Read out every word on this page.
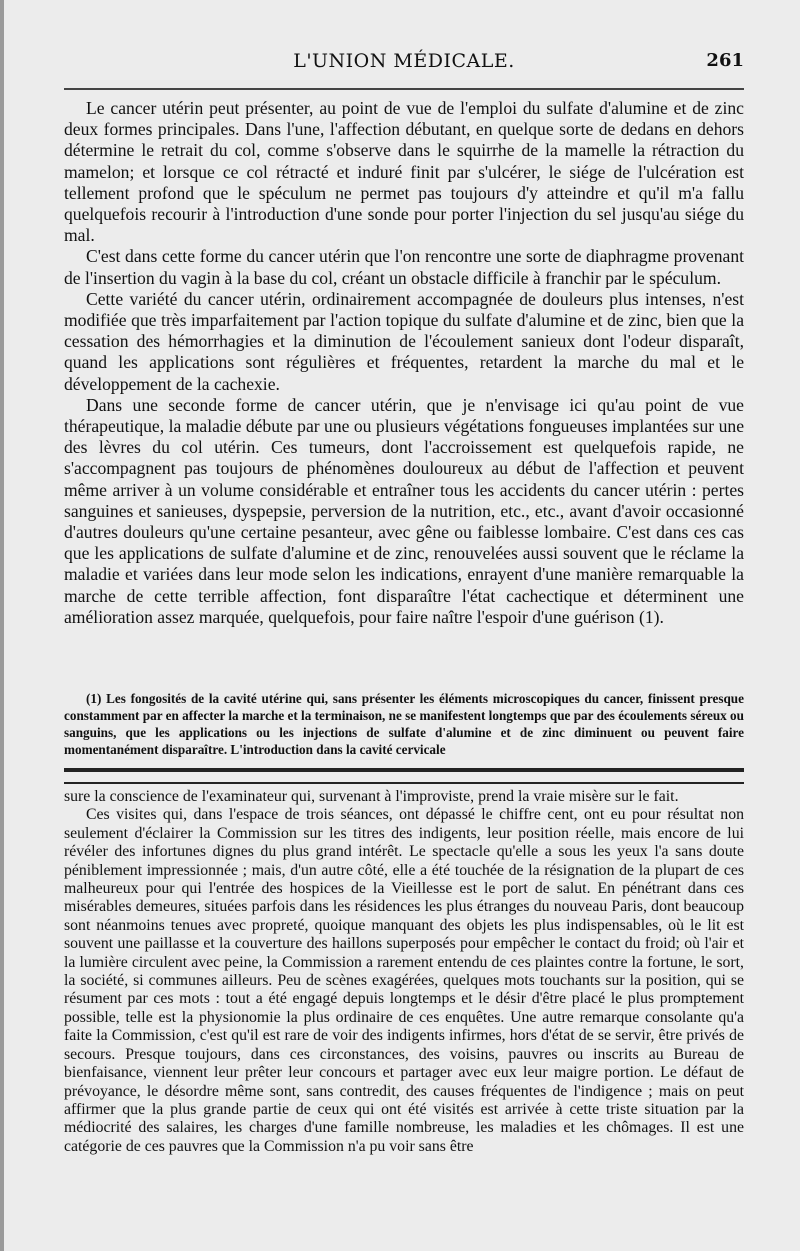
L'UNION MÉDICALE.	261

Le cancer utérin peut présenter, au point de vue de l'emploi du sulfate d'alumine et de zinc deux formes principales. Dans l'une, l'affection débutant, en quelque sorte de dedans en dehors détermine le retrait du col, comme s'observe dans le squirrhe de la mamelle la rétraction du mamelon; et lorsque ce col rétracté et induré finit par s'ulcérer, le siége de l'ulcération est tellement profond que le spéculum ne permet pas toujours d'y atteindre et qu'il m'a fallu quelquefois recourir à l'introduction d'une sonde pour porter l'injection du sel jusqu'au siége du mal.

C'est dans cette forme du cancer utérin que l'on rencontre une sorte de diaphragme provenant de l'insertion du vagin à la base du col, créant un obstacle difficile à franchir par le spéculum.

Cette variété du cancer utérin, ordinairement accompagnée de douleurs plus intenses, n'est modifiée que très imparfaitement par l'action topique du sulfate d'alumine et de zinc, bien que la cessation des hémorrhagies et la diminution de l'écoulement sanieux dont l'odeur disparaît, quand les applications sont régulières et fréquentes, retardent la marche du mal et le développement de la cachexie.

Dans une seconde forme de cancer utérin, que je n'envisage ici qu'au point de vue thérapeutique, la maladie débute par une ou plusieurs végétations fongueuses implantées sur une des lèvres du col utérin. Ces tumeurs, dont l'accroissement est quelquefois rapide, ne s'accompagnent pas toujours de phénomènes douloureux au début de l'affection et peuvent même arriver à un volume considérable et entraîner tous les accidents du cancer utérin : pertes sanguines et sanieuses, dyspepsie, perversion de la nutrition, etc., etc., avant d'avoir occasionné d'autres douleurs qu'une certaine pesanteur, avec gêne ou faiblesse lombaire. C'est dans ces cas que les applications de sulfate d'alumine et de zinc, renouvelées aussi souvent que le réclame la maladie et variées dans leur mode selon les indications, enrayent d'une manière remarquable la marche de cette terrible affection, font disparaître l'état cachectique et déterminent une amélioration assez marquée, quelquefois, pour faire naître l'espoir d'une guérison (1).

(1) Les fongosités de la cavité utérine qui, sans présenter les éléments microscopiques du cancer, finissent presque constamment par en affecter la marche et la terminaison, ne se manifestent longtemps que par des écoulements séreux ou sanguins, que les applications ou les injections de sulfate d'alumine et de zinc diminuent ou peuvent faire momentanément disparaître. L'introduction dans la cavité cervicale

sure la conscience de l'examinateur qui, survenant à l'improviste, prend la vraie misère sur le fait.

Ces visites qui, dans l'espace de trois séances, ont dépassé le chiffre cent, ont eu pour résultat non seulement d'éclairer la Commission sur les titres des indigents, leur position réelle, mais encore de lui révéler des infortunes dignes du plus grand intérêt. Le spectacle qu'elle a sous les yeux l'a sans doute péniblement impressionnée ; mais, d'un autre côté, elle a été touchée de la résignation de la plupart de ces malheureux pour qui l'entrée des hospices de la Vieillesse est le port de salut. En pénétrant dans ces misérables demeures, situées parfois dans les résidences les plus étranges du nouveau Paris, dont beaucoup sont néanmoins tenues avec propreté, quoique manquant des objets les plus indispensables, où le lit est souvent une paillasse et la couverture des haillons superposés pour empêcher le contact du froid; où l'air et la lumière circulent avec peine, la Commission a rarement entendu de ces plaintes contre la fortune, le sort, la société, si communes ailleurs. Peu de scènes exagérées, quelques mots touchants sur la position, qui se résument par ces mots : tout a été engagé depuis longtemps et le désir d'être placé le plus promptement possible, telle est la physionomie la plus ordinaire de ces enquêtes. Une autre remarque consolante qu'a faite la Commission, c'est qu'il est rare de voir des indigents infirmes, hors d'état de se servir, être privés de secours. Presque toujours, dans ces circonstances, des voisins, pauvres ou inscrits au Bureau de bienfaisance, viennent leur prêter leur concours et partager avec eux leur maigre portion. Le défaut de prévoyance, le désordre même sont, sans contredit, des causes fréquentes de l'indigence ; mais on peut affirmer que la plus grande partie de ceux qui ont été visités est arrivée à cette triste situation par la médiocrité des salaires, les charges d'une famille nombreuse, les maladies et les chômages. Il est une catégorie de ces pauvres que la Commission n'a pu voir sans être
